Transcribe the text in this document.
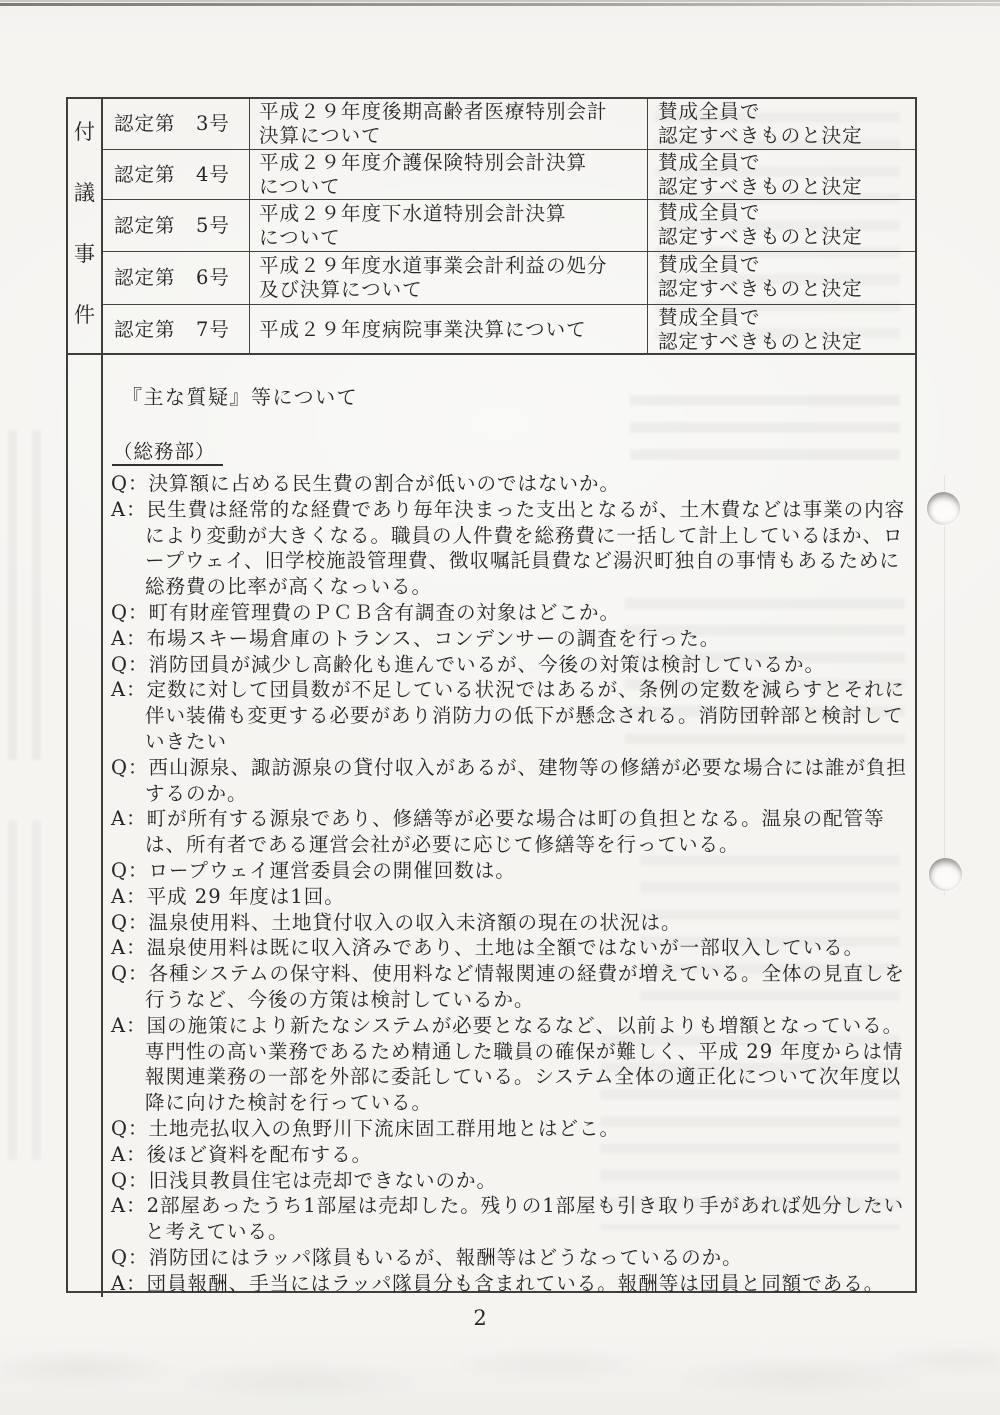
付
議
事
件
認定第　3号
平成２９年度後期高齢者医療特別会計
決算について
賛成全員で
認定すべきものと決定
認定第　4号
平成２９年度介護保険特別会計決算
について
賛成全員で
認定すべきものと決定
認定第　5号
平成２９年度下水道特別会計決算
について
賛成全員で
認定すべきものと決定
認定第　6号
平成２９年度水道事業会計利益の処分
及び決算について
賛成全員で
認定すべきものと決定
認定第　7号	平成２９年度病院事業決算について
賛成全員で
認定すべきものと決定
『主な質疑』等について
（総務部）
Q：決算額に占める民生費の割合が低いのではないか。
A：民生費は経常的な経費であり毎年決まった支出となるが、土木費などは事業の内容により変動が大きくなる。職員の人件費を総務費に一括して計上しているほか、ロープウェイ、旧学校施設管理費、徴収嘱託員費など湯沢町独自の事情もあるために総務費の比率が高くなっいる。
Q：町有財産管理費のＰＣＢ含有調査の対象はどこか。
A：布場スキー場倉庫のトランス、コンデンサーの調査を行った。
Q：消防団員が減少し高齢化も進んでいるが、今後の対策は検討しているか。
A：定数に対して団員数が不足している状況ではあるが、条例の定数を減らすとそれに伴い装備も変更する必要があり消防力の低下が懸念される。消防団幹部と検討していきたい
Q：西山源泉、諏訪源泉の貸付収入があるが、建物等の修繕が必要な場合には誰が負担するのか。
A：町が所有する源泉であり、修繕等が必要な場合は町の負担となる。温泉の配管等は、所有者である運営会社が必要に応じて修繕等を行っている。
Q：ロープウェイ運営委員会の開催回数は。
A：平成 29 年度は1回。
Q：温泉使用料、土地貸付収入の収入未済額の現在の状況は。
A：温泉使用料は既に収入済みであり、土地は全額ではないが一部収入している。
Q：各種システムの保守料、使用料など情報関連の経費が増えている。全体の見直しを行うなど、今後の方策は検討しているか。
A：国の施策により新たなシステムが必要となるなど、以前よりも増額となっている。専門性の高い業務であるため精通した職員の確保が難しく、平成 29 年度からは情報関連業務の一部を外部に委託している。システム全体の適正化について次年度以降に向けた検討を行っている。
Q：土地売払収入の魚野川下流床固工群用地とはどこ。
A：後ほど資料を配布する。
Q：旧浅貝教員住宅は売却できないのか。
A：2部屋あったうち1部屋は売却した。残りの1部屋も引き取り手があれば処分したいと考えている。
Q：消防団にはラッパ隊員もいるが、報酬等はどうなっているのか。
A：団員報酬、手当にはラッパ隊員分も含まれている。報酬等は団員と同額である。
2
